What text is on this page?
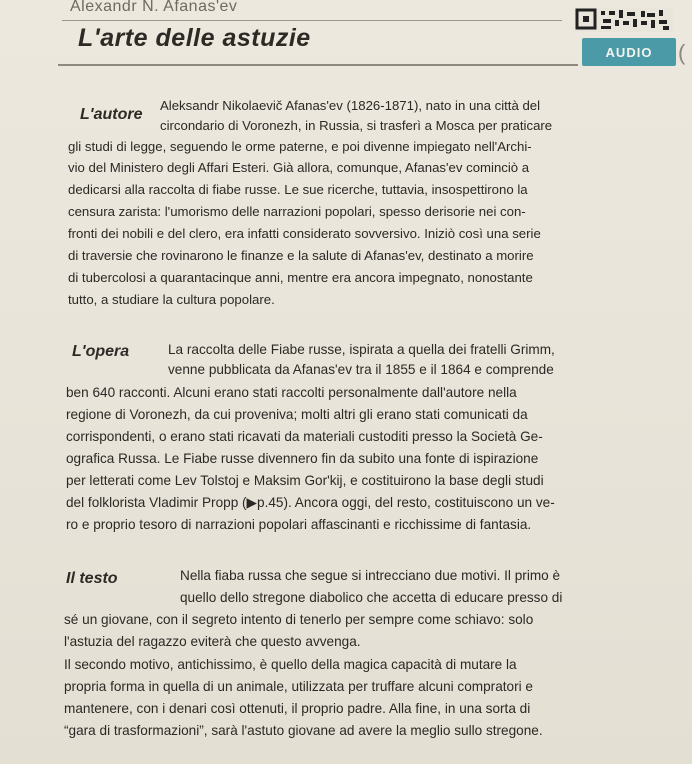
Alexandr N. Afanas'ev
L'arte delle astuzie	AUDIO	(
L'autore
Aleksandr Nikolaevič Afanas'ev (1826-1871), nato in una città del
circondario di Voronezh, in Russia, si trasferì a Mosca per praticare
gli studi di legge, seguendo le orme paterne, e poi divenne impiegato nell'Archi-
vio del Ministero degli Affari Esteri. Già allora, comunque, Afanas'ev cominciò a
dedicarsi alla raccolta di fiabe russe. Le sue ricerche, tuttavia, insospettirono la
censura zarista: l'umorismo delle narrazioni popolari, spesso derisorie nei con-
fronti dei nobili e del clero, era infatti considerato sovversivo. Iniziò così una serie
di traversie che rovinarono le finanze e la salute di Afanas'ev, destinato a morire
di tubercolosi a quarantacinque anni, mentre era ancora impegnato, nonostante
tutto, a studiare la cultura popolare.
L'opera	La raccolta delle Fiabe russe, ispirata a quella dei fratelli Grimm,
venne pubblicata da Afanas'ev tra il 1855 e il 1864 e comprende
ben 640 racconti. Alcuni erano stati raccolti personalmente dall'autore nella
regione di Voronezh, da cui proveniva; molti altri gli erano stati comunicati da
corrispondenti, o erano stati ricavati da materiali custoditi presso la Società Ge-
ografica Russa. Le Fiabe russe divennero fin da subito una fonte di ispirazione
per letterati come Lev Tolstoj e Maksim Gor'kij, e costituirono la base degli studi
del folklorista Vladimir Propp (▶p.45). Ancora oggi, del resto, costituiscono un ve-
ro e proprio tesoro di narrazioni popolari affascinanti e ricchissime di fantasia.
Il testo	Nella fiaba russa che segue si intrecciano due motivi. Il primo è
quello dello stregone diabolico che accetta di educare presso di
sé un giovane, con il segreto intento di tenerlo per sempre come schiavo: solo
l'astuzia del ragazzo eviterà che questo avvenga.
Il secondo motivo, antichissimo, è quello della magica capacità di mutare la
propria forma in quella di un animale, utilizzata per truffare alcuni compratori e
mantenere, con i denari così ottenuti, il proprio padre. Alla fine, in una sorta di
“gara di trasformazioni”, sarà l'astuto giovane ad avere la meglio sullo stregone.
